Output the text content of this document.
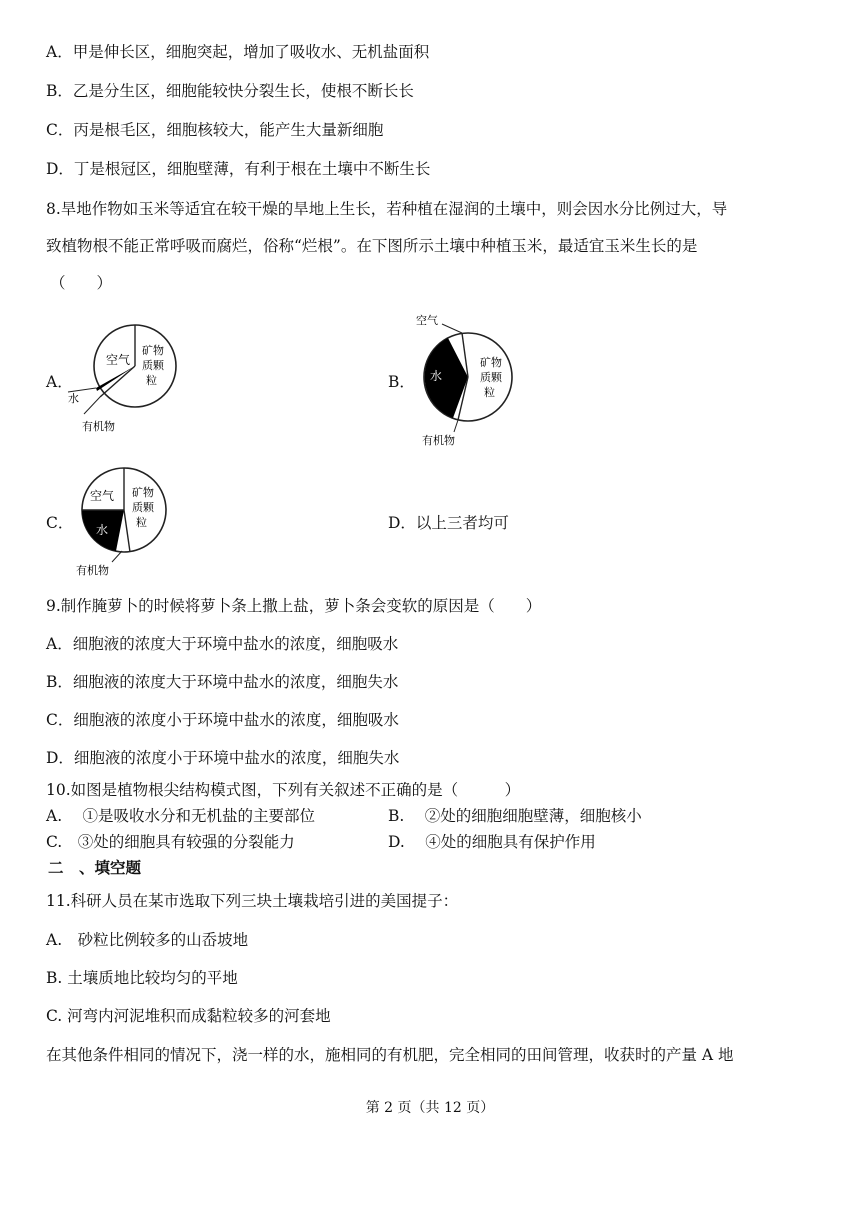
A．甲是伸长区，细胞突起，增加了吸收水、无机盐面积
B．乙是分生区，细胞能较快分裂生长，使根不断长长
C．丙是根毛区，细胞核较大，能产生大量新细胞
D．丁是根冠区，细胞壁薄，有利于根在土壤中不断生长
8.旱地作物如玉米等适宜在较干燥的旱地上生长，若种植在湿润的土壤中，则会因水分比例过大，导
致植物根不能正常呼吸而腐烂，俗称“烂根”。在下图所示土壤中种植玉米，最适宜玉米生长的是
（　　）
A．	B．
C．	D．以上三者均可
空气
矿物
质颗
粒
水
有机物
空气
水
矿物
质颗
粒
有机物
空气
水
矿物
质颗
粒
有机物
9.制作腌萝卜的时候将萝卜条上撒上盐，萝卜条会变软的原因是（　　）
A．细胞液的浓度大于环境中盐水的浓度，细胞吸水
B．细胞液的浓度大于环境中盐水的浓度，细胞失水
C．细胞液的浓度小于环境中盐水的浓度，细胞吸水
D．细胞液的浓度小于环境中盐水的浓度，细胞失水
10.如图是植物根尖结构模式图，下列有关叙述不正确的是（　　　）
A.　 ①是吸收水分和无机盐的主要部位	B.　 ②处的细胞细胞壁薄，细胞核小
C.　③处的细胞具有较强的分裂能力	D.　 ④处的细胞具有保护作用
二　、填空题
11.科研人员在某市选取下列三块土壤栽培引进的美国提子：
A.　砂粒比例较多的山岙坡地
B. 土壤质地比较均匀的平地
C. 河弯内河泥堆积而成黏粒较多的河套地
在其他条件相同的情况下，浇一样的水，施相同的有机肥，完全相同的田间管理，收获时的产量 A 地
第 2 页（共 12 页）
